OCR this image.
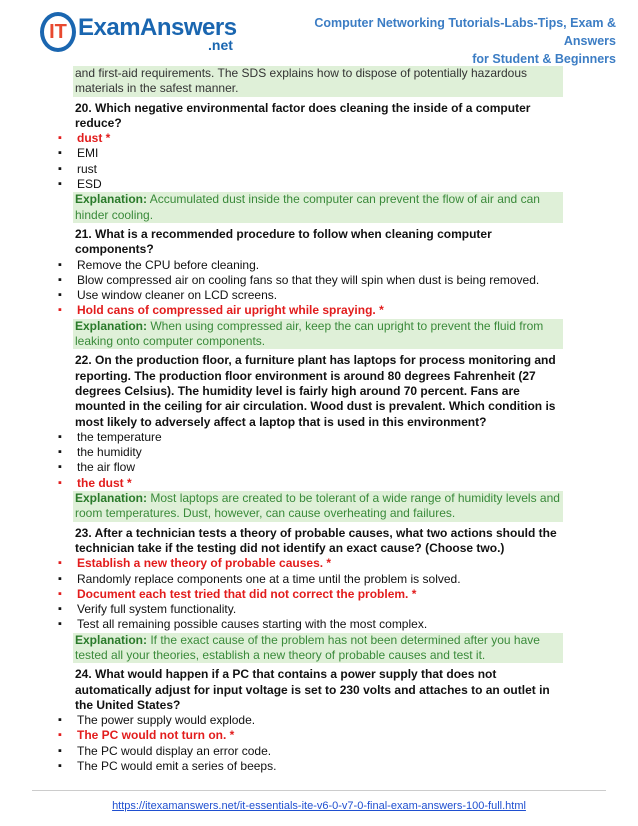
IT ExamAnswers
.net
Computer Networking Tutorials-Labs-Tips, Exam & Answers
for Student & Beginners
and first-aid requirements. The SDS explains how to dispose of potentially hazardous materials in the safest manner.
20. Which negative environmental factor does cleaning the inside of a computer reduce?
▪ dust *
▪ EMI
▪ rust
▪ ESD
Explanation: Accumulated dust inside the computer can prevent the flow of air and can hinder cooling.
21. What is a recommended procedure to follow when cleaning computer components?
▪ Remove the CPU before cleaning.
▪ Blow compressed air on cooling fans so that they will spin when dust is being removed.
▪ Use window cleaner on LCD screens.
▪ Hold cans of compressed air upright while spraying. *
Explanation: When using compressed air, keep the can upright to prevent the fluid from leaking onto computer components.
22. On the production floor, a furniture plant has laptops for process monitoring and reporting. The production floor environment is around 80 degrees Fahrenheit (27 degrees Celsius). The humidity level is fairly high around 70 percent. Fans are mounted in the ceiling for air circulation. Wood dust is prevalent. Which condition is most likely to adversely affect a laptop that is used in this environment?
▪ the temperature
▪ the humidity
▪ the air flow
▪ the dust *
Explanation: Most laptops are created to be tolerant of a wide range of humidity levels and room temperatures. Dust, however, can cause overheating and failures.
23. After a technician tests a theory of probable causes, what two actions should the technician take if the testing did not identify an exact cause? (Choose two.)
▪ Establish a new theory of probable causes. *
▪ Randomly replace components one at a time until the problem is solved.
▪ Document each test tried that did not correct the problem. *
▪ Verify full system functionality.
▪ Test all remaining possible causes starting with the most complex.
Explanation: If the exact cause of the problem has not been determined after you have tested all your theories, establish a new theory of probable causes and test it.
24. What would happen if a PC that contains a power supply that does not automatically adjust for input voltage is set to 230 volts and attaches to an outlet in the United States?
▪ The power supply would explode.
▪ The PC would not turn on. *
▪ The PC would display an error code.
▪ The PC would emit a series of beeps.
https://itexamanswers.net/it-essentials-ite-v6-0-v7-0-final-exam-answers-100-full.html
